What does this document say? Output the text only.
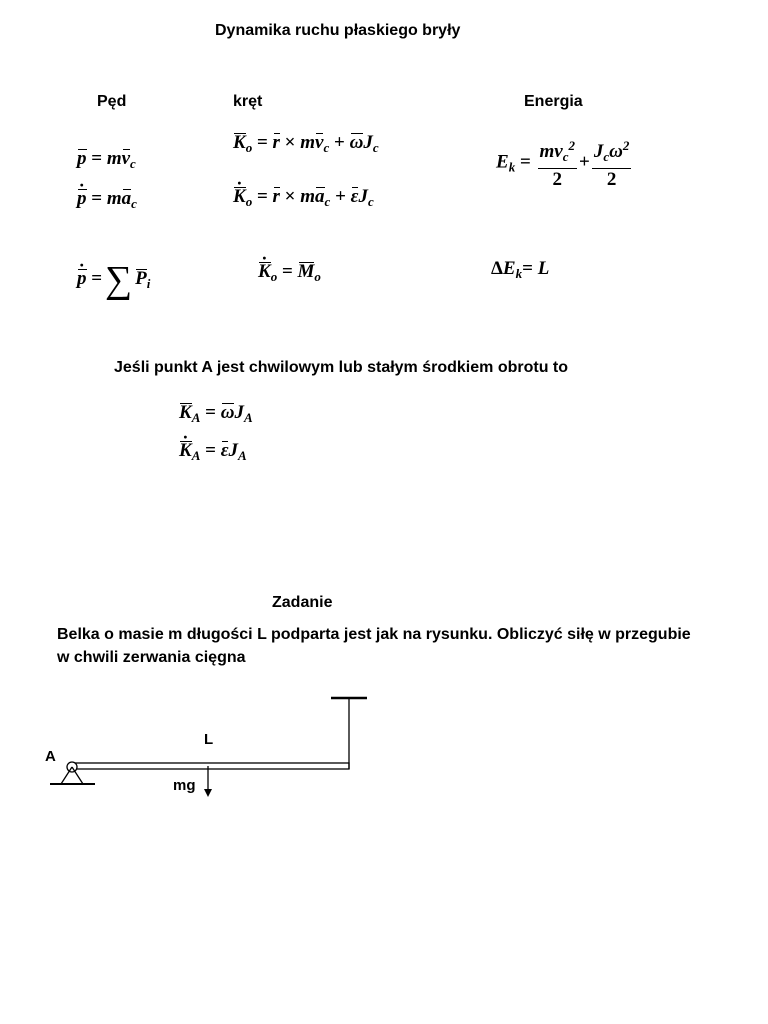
Dynamika ruchu płaskiego bryły
Pęd	kręt	Energia
$p = mv_c$
p · = $ma_c$
p · =∑ $P_i$
$K_o = r \times mv_c + \omega J_c$
$K \cdot_o = r \times ma_c + \varepsilon J_c$
$K \cdot_o = M_o$
$E_k = \frac{mv_c^2}{2} + \frac{J_c\omega^2}{2}$
$\Delta E_k= L$
Jeśli punkt A jest chwilowym lub stałym środkiem obrotu to
$K_A = \omega J_A$
$K \cdot_A = \varepsilon J_A$
Zadanie
Belka o masie m długości L podparta jest jak na rysunku. Obliczyć siłę w przegubie
w chwili zerwania cięgna
A
L
mg
